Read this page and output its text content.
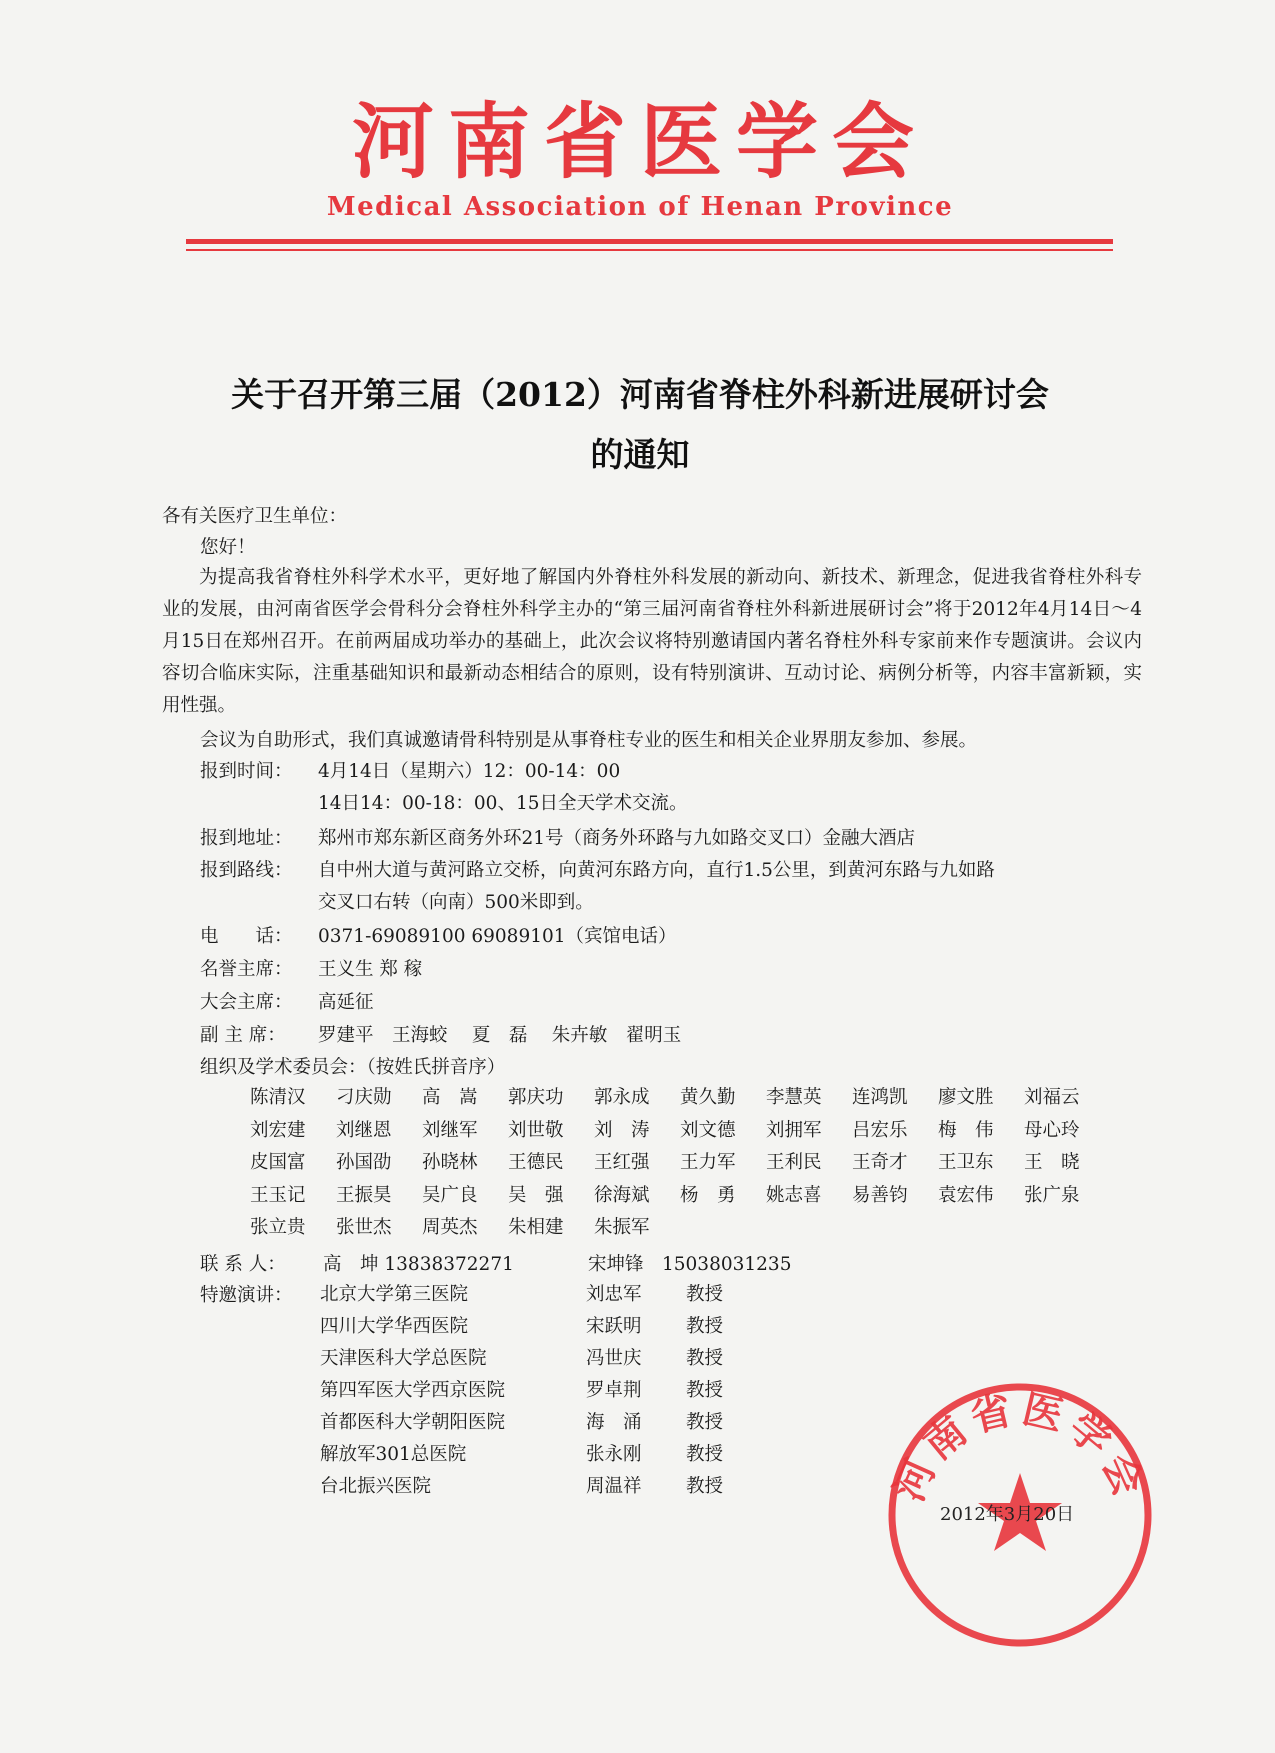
河南省医学会
Medical Association of Henan Province
关于召开第三届（2012）河南省脊柱外科新进展研讨会
的通知
各有关医疗卫生单位：
您好！
为提高我省脊柱外科学术水平，更好地了解国内外脊柱外科发展的新动向、新技术、新理念，促进我省脊柱外科专业的发展，由河南省医学会骨科分会脊柱外科学主办的“第三届河南省脊柱外科新进展研讨会”将于2012年4月14日～4月15日在郑州召开。在前两届成功举办的基础上，此次会议将特别邀请国内著名脊柱外科专家前来作专题演讲。会议内容切合临床实际，注重基础知识和最新动态相结合的原则，设有特别演讲、互动讨论、病例分析等，内容丰富新颖，实用性强。
会议为自助形式，我们真诚邀请骨科特别是从事脊柱专业的医生和相关企业界朋友参加、参展。
报到时间： 4月14日（星期六）12：00-14：00
14日14：00-18：00、15日全天学术交流。
报到地址： 郑州市郑东新区商务外环21号（商务外环路与九如路交叉口）金融大酒店
报到路线： 自中州大道与黄河路立交桥，向黄河东路方向，直行1.5公里，到黄河东路与九如路
交叉口右转（向南）500米即到。
电　　话： 0371-69089100 69089101（宾馆电话）
名誉主席： 王义生 郑 稼
大会主席： 高延征
副 主 席： 罗建平　王海蛟　 夏　磊　 朱卉敏　翟明玉
组织及学术委员会：（按姓氏拼音序）
陈清汉	刁庆勋	高　嵩	郭庆功	郭永成	黄久勤	李慧英	连鸿凯	廖文胜	刘福云
刘宏建	刘继恩	刘继军	刘世敬	刘　涛	刘文德	刘拥军	吕宏乐	梅　伟	母心玲
皮国富	孙国劭	孙晓林	王德民	王红强	王力军	王利民	王奇才	王卫东	王　晓
王玉记	王振昊	吴广良	吴　强	徐海斌	杨　勇	姚志喜	易善钧	袁宏伟	张广泉
张立贵	张世杰	周英杰	朱相建	朱振军
联 系 人： 高　坤 13838372271	宋坤锋　15038031235
特邀演讲： 北京大学第三医院	刘忠军	教授
四川大学华西医院	宋跃明	教授
天津医科大学总医院	冯世庆	教授
第四军医大学西京医院	罗卓荆	教授
首都医科大学朝阳医院	海　涌	教授
解放军301总医院	张永刚	教授
台北振兴医院	周温祥	教授	河南省医学会
2012年3月20日
